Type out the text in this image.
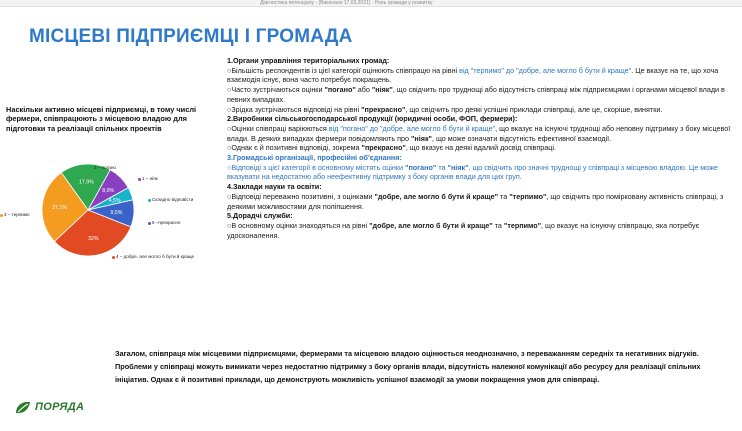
Діагностика потенціалу · (Виконано 17.03.2021) · Роль громади у розвитку
МІСЦЕВІ ПІДПРИЄМЦІ І ГРОМАДА
Наскільки активно місцеві підприємці, в тому числі фермери, співпрацюють з місцевою владою для підготовки та реалізації спільних проектів
17,9%
8,9%
4,5%
9,5%
32%
27,1%
2 – погано
1 – ніяк
Складно відповісти
5 –прекрасно
4 – добре, але могло б бути й краще
3 – терпимо

1.Органи управління територіальних громад:

○Більшість респондентів із цієї категорії оцінюють співпрацю на рівні від "терпимо" до "добре, але могло б бути й краще". Це вказує на те, що хоча взаємодія існує, вона часто потребує покращень.

○Часто зустрічаються оцінки "погано" або "ніяк", що свідчить про труднощі або відсутність співпраці між підприємцями і органами місцевої влади в певних випадках.

○Зрідка зустрічаються відповіді на рівні "прекрасно", що свідчить про деякі успішні приклади співпраці, але це, скоріше, винятки.

2.Виробники сільськогосподарської продукції (юридичні особи, ФОП, фермери):

○Оцінки співпраці варіюються від "погано" до "добре, але могло б бути й краще", що вказує на існуючі труднощі або неповну підтримку з боку місцевої влади. В деяких випадках фермери повідомляють про "ніяк", що може означати відсутність ефективної взаємодії.

○Однак є й позитивні відповіді, зокрема "прекрасно", що вказує на деякі вдалий досвід співпраці.

3.Громадські організації, професійні об'єднання:

○Відповіді з цієї категорії в основному містять оцінки "погано" та "ніяк", що свідчить про значні труднощі у співпраці з місцевою владою. Це може вказувати на недостатню або неефективну підтримку з боку органів влади для цих груп.

4.Заклади науки та освіти:

○Відповіді переважно позитивні, з оцінками "добре, але могло б бути й краще" та "терпимо", що свідчить про помірковану активність співпраці, з деякими можливостями для поліпшення.

5.Дорадчі служби:

○В основному оцінки знаходяться на рівні "добре, але могло б бути й краще" та "терпимо", що вказує на існуючу співпрацю, яка потребує удосконалення.

Загалом, співпраця між місцевими підприємцями, фермерами та місцевою владою оцінюється неоднозначно, з переважанням середніх та негативних відгуків. Проблеми у співпраці можуть вимикати через недостатню підтримку з боку органів влади, відсутність належної комунікації або ресурсу для реалізації спільних ініціатив. Однак є й позитивні приклади, що демонструють можливість успішної взаємодії за умови покращення умов для співпраці.
ПОРЯДА
